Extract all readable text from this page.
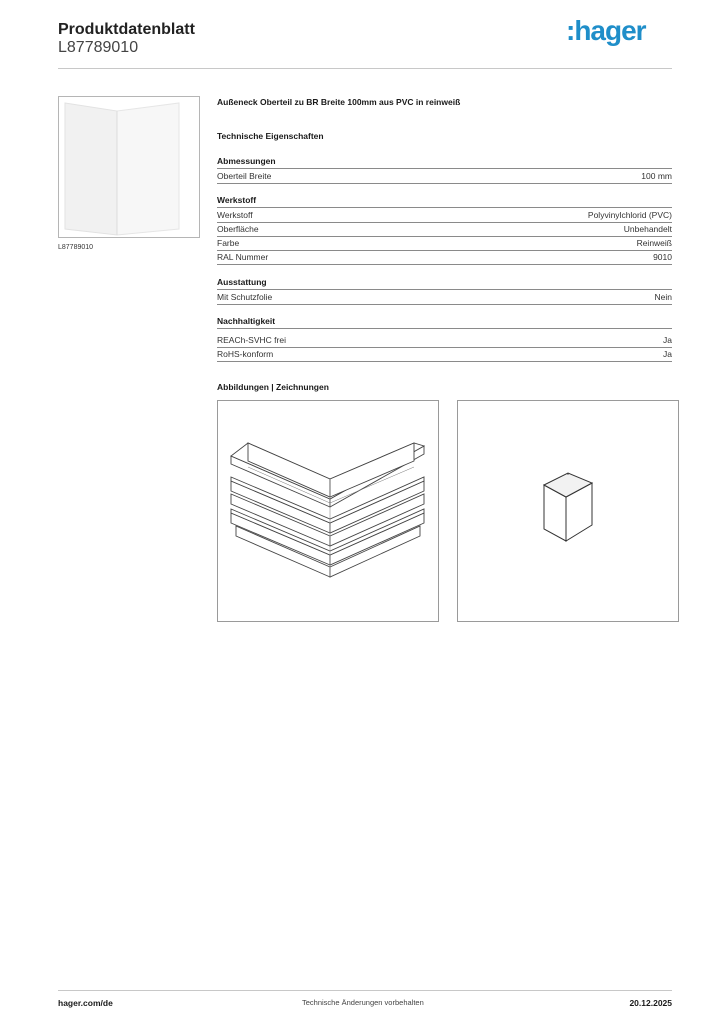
Produktdatenblatt
L87789010
:hager
L87789010
Außeneck Oberteil zu BR Breite 100mm aus PVC in reinweiß
Technische Eigenschaften
Abmessungen
Oberteil Breite	100 mm
Werkstoff
Werkstoff	Polyvinylchlorid (PVC)
Oberfläche	Unbehandelt
Farbe	Reinweiß
RAL Nummer	9010
Ausstattung
Mit Schutzfolie	Nein
Nachhaltigkeit
REACh-SVHC frei	Ja
RoHS-konform	Ja
Abbildungen | Zeichnungen
hager.com/de	Technische Änderungen vorbehalten	20.12.2025
